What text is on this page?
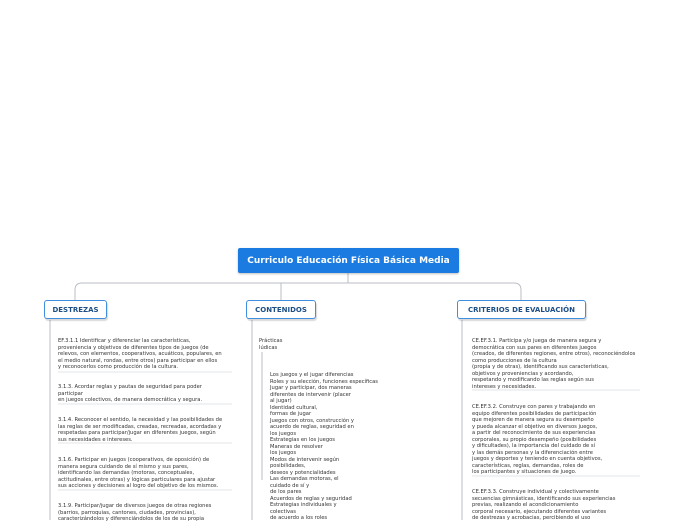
Curriculo Educación Física Básica Media
DESTREZAS	CONTENIDOS	CRITERIOS DE EVALUACIÓN
EF.3.1.1 Identificar y diferenciar las características,
proveniencia y objetivos de diferentes tipos de juegos (de
relevos, con elementos, cooperativos, acuáticos, populares, en
el medio natural, rondas, entre otros) para participar en ellos
y reconocerlos como producción de la cultura.
3.1.3. Acordar reglas y pautas de seguridad para poder
participar
en juegos colectivos, de manera democrática y segura.
3.1.4. Reconocer el sentido, la necesidad y las posibilidades de
las reglas de ser modificadas, creadas, recreadas, acordadas y
respetadas para participar/jugar en diferentes juegos, según
sus necesidades e intereses.
3.1.6. Participar en juegos (cooperativos, de oposición) de
manera segura cuidando de sí mismo y sus pares,
identificando las demandas (motoras, conceptuales,
actitudinales, entre otras) y lógicas particulares para ajustar
sus acciones y decisiones al logro del objetivo de los mismos.
3.1.9. Participar/jugar de diversos juegos de otras regiones
(barrios, parroquias, cantones, ciudades, provincias),
caracterizándolos y diferenciándolos de los de su propia
Prácticas
lúdicas
Los juegos y el jugar diferencias
Roles y su elección, funciones específicas
Jugar y participar, dos maneras
diferentes de intervenir (placer
al jugar)
Identidad cultural,
formas de jugar
Juegos con otros, construcción y
acuerdo de reglas, seguridad en
los juegos
Estrategias en los juegos
Maneras de resolver
los juegos
Modos de intervenir según
posibilidades,
deseos y potencialidades
Las demandas motoras, el
cuidado de sí y
de los pares
Acuerdos de reglas y seguridad
Estrategias individuales y
colectivas
de acuerdo a los roles
CE.EF.3.1. Participa y/o juega de manera segura y
democrática con sus pares en diferentes juegos
(creados, de diferentes regiones, entre otros), reconociéndolos
como producciones de la cultura
(propia y de otras), identificando sus características,
objetivos y proveniencias y acordando,
respetando y modificando las reglas según sus
intereses y necesidades.
CE.EF.3.2. Construye con pares y trabajando en
equipo diferentes posibilidades de participación
que mejoren de manera segura su desempeño
y pueda alcanzar el objetivo en diversos juegos,
a partir del reconocimiento de sus experiencias
corporales, su propio desempeño (posibilidades
y dificultades), la importancia del cuidado de sí
y las demás personas y la diferenciación entre
juegos y deportes y teniendo en cuenta objetivos,
características, reglas, demandas, roles de
los participantes y situaciones de juego.
CE.EF.3.3. Construye individual y colectivamente
secuencias gimnásticas, identificando sus experiencias
previas, realizando el acondicionamiento
corporal necesario, ejecutando diferentes variantes
de destrezas y acrobacias, percibiendo el uso
